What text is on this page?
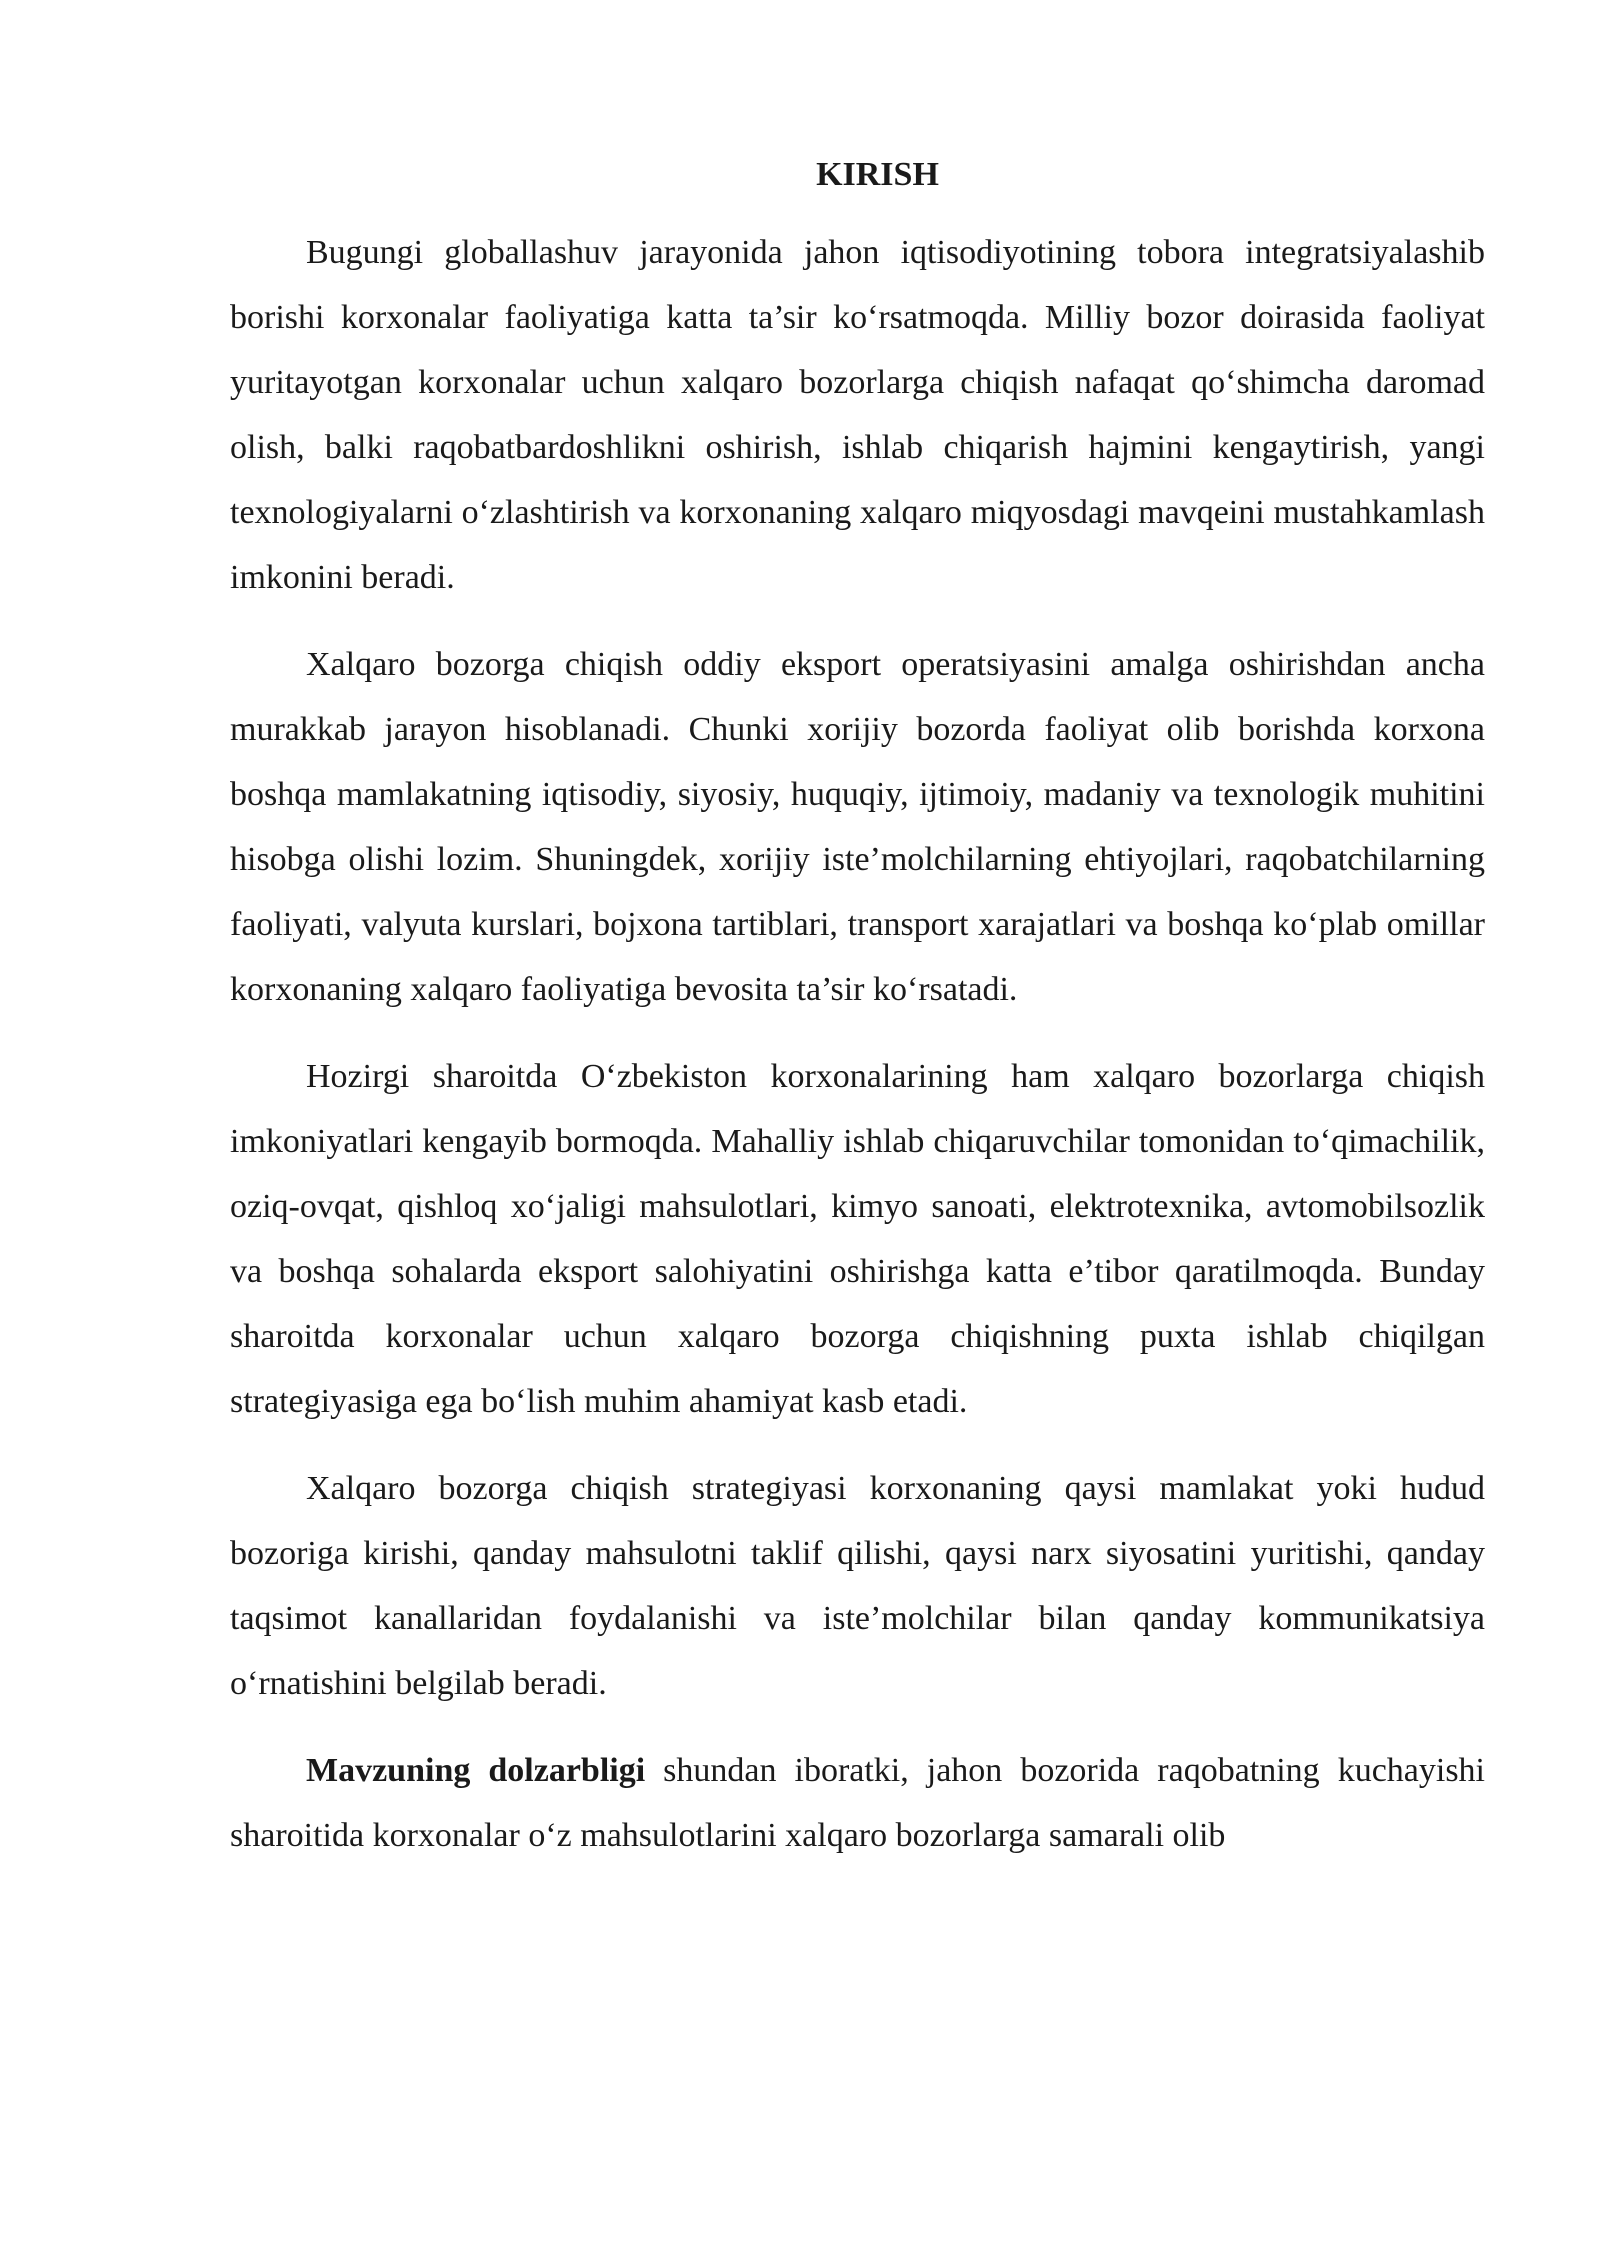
KIRISH

Bugungi globallashuv jarayonida jahon iqtisodiyotining tobora integratsiyalashib borishi korxonalar faoliyatiga katta ta’sir ko‘rsatmoqda. Milliy bozor doirasida faoliyat yuritayotgan korxonalar uchun xalqaro bozorlarga chiqish nafaqat qo‘shimcha daromad olish, balki raqobatbardoshlikni oshirish, ishlab chiqarish hajmini kengaytirish, yangi texnologiyalarni o‘zlashtirish va korxonaning xalqaro miqyosdagi mavqeini mustahkamlash imkonini beradi.

Xalqaro bozorga chiqish oddiy eksport operatsiyasini amalga oshirishdan ancha murakkab jarayon hisoblanadi. Chunki xorijiy bozorda faoliyat olib borishda korxona boshqa mamlakatning iqtisodiy, siyosiy, huquqiy, ijtimoiy, madaniy va texnologik muhitini hisobga olishi lozim. Shuningdek, xorijiy iste’molchilarning ehtiyojlari, raqobatchilarning faoliyati, valyuta kurslari, bojxona tartiblari, transport xarajatlari va boshqa ko‘plab omillar korxonaning xalqaro faoliyatiga bevosita ta’sir ko‘rsatadi.

Hozirgi sharoitda O‘zbekiston korxonalarining ham xalqaro bozorlarga chiqish imkoniyatlari kengayib bormoqda. Mahalliy ishlab chiqaruvchilar tomonidan to‘qimachilik, oziq-ovqat, qishloq xo‘jaligi mahsulotlari, kimyo sanoati, elektrotexnika, avtomobilsozlik va boshqa sohalarda eksport salohiyatini oshirishga katta e’tibor qaratilmoqda. Bunday sharoitda korxonalar uchun xalqaro bozorga chiqishning puxta ishlab chiqilgan strategiyasiga ega bo‘lish muhim ahamiyat kasb etadi.

Xalqaro bozorga chiqish strategiyasi korxonaning qaysi mamlakat yoki hudud bozoriga kirishi, qanday mahsulotni taklif qilishi, qaysi narx siyosatini yuritishi, qanday taqsimot kanallaridan foydalanishi va iste’molchilar bilan qanday kommunikatsiya o‘rnatishini belgilab beradi.

Mavzuning dolzarbligi shundan iboratki, jahon bozorida raqobatning kuchayishi sharoitida korxonalar o‘z mahsulotlarini xalqaro bozorlarga samarali olib
